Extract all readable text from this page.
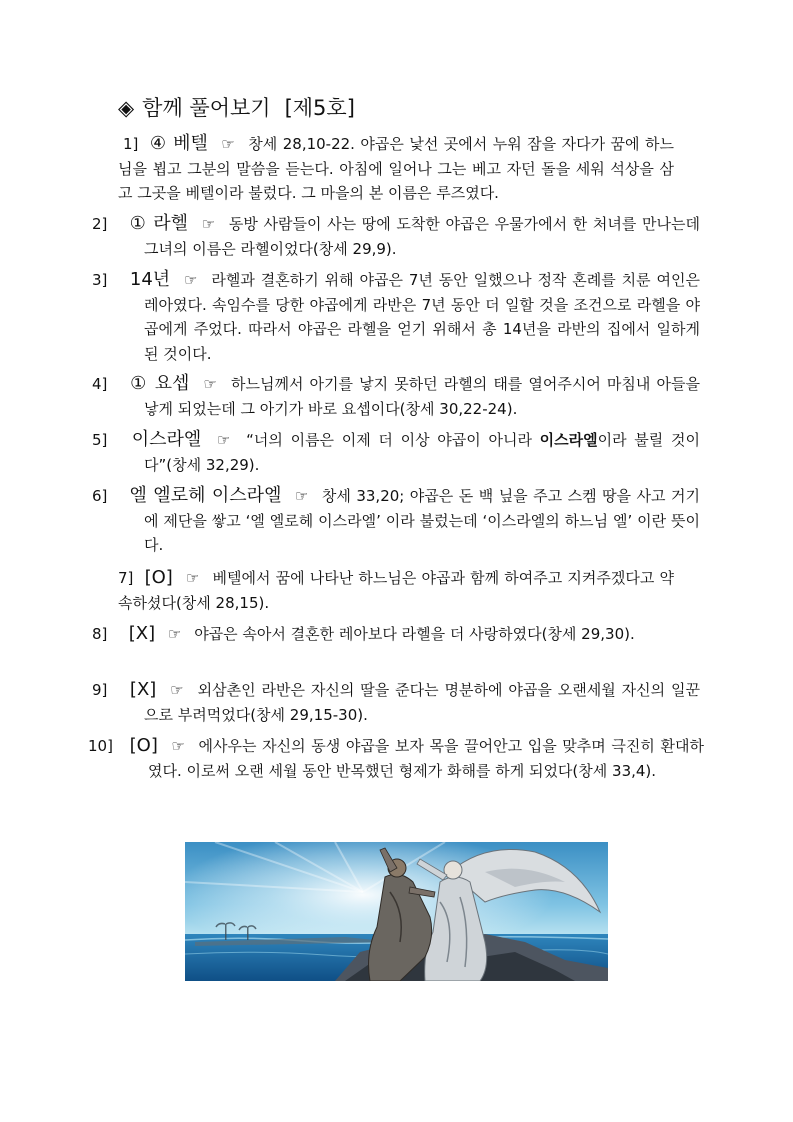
◈ 함께 풀어보기 [제5호]
1] ④ 베텔 ☞ 창세 28,10-22. 야곱은 낯선 곳에서 누워 잠을 자다가 꿈에 하느님을 뵙고 그분의 말씀을 듣는다. 아침에 일어나 그는 베고 자던 돌을 세워 석상을 삼고 그곳을 베텔이라 불렀다. 그 마을의 본 이름은 루즈였다.
2] ① 라헬 ☞ 동방 사람들이 사는 땅에 도착한 야곱은 우물가에서 한 처녀를 만나는데 그녀의 이름은 라헬이었다(창세 29,9).
3] 14년 ☞ 라헬과 결혼하기 위해 야곱은 7년 동안 일했으나 정작 혼례를 치룬 여인은 레아였다. 속임수를 당한 야곱에게 라반은 7년 동안 더 일할 것을 조건으로 라헬을 야곱에게 주었다. 따라서 야곱은 라헬을 얻기 위해서 총 14년을 라반의 집에서 일하게 된 것이다.
4] ① 요셉 ☞ 하느님께서 아기를 낳지 못하던 라헬의 태를 열어주시어 마침내 아들을 낳게 되었는데 그 아기가 바로 요셉이다(창세 30,22-24).
5] 이스라엘 ☞ “너의 이름은 이제 더 이상 야곱이 아니라 이스라엘이라 불릴 것이다”(창세 32,29).
6] 엘 엘로헤 이스라엘 ☞ 창세 33,20; 야곱은 돈 백 닢을 주고 스켐 땅을 사고 거기에 제단을 쌓고 ‘엘 엘로헤 이스라엘’ 이라 불렀는데 ‘이스라엘의 하느님 엘’ 이란 뜻이다.
7] [O] ☞ 베텔에서 꿈에 나타난 하느님은 야곱과 함께 하여주고 지켜주겠다고 약속하셨다(창세 28,15).
8] [X] ☞ 야곱은 속아서 결혼한 레아보다 라헬을 더 사랑하였다(창세 29,30).
9] [X] ☞ 외삼촌인 라반은 자신의 딸을 준다는 명분하에 야곱을 오랜세월 자신의 일꾼으로 부려먹었다(창세 29,15-30).
10] [O] ☞ 에사우는 자신의 동생 야곱을 보자 목을 끌어안고 입을 맞추며 극진히 환대하였다. 이로써 오랜 세월 동안 반목했던 형제가 화해를 하게 되었다(창세 33,4).
